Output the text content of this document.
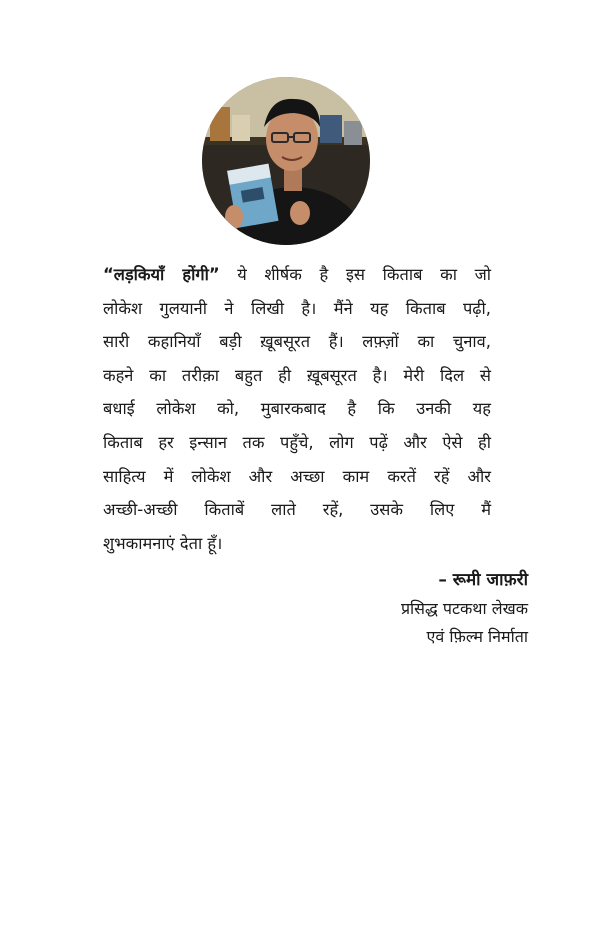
“लड़कियाँ होंगी” ये शीर्षक है इस किताब का जो
लोकेश गुलयानी ने लिखी है। मैंने यह किताब पढ़ी,
सारी कहानियाँ बड़ी ख़ूबसूरत हैं। लफ़्ज़ों का चुनाव,
कहने का तरीक़ा बहुत ही ख़ूबसूरत है। मेरी दिल से
बधाई लोकेश को, मुबारकबाद है कि उनकी यह
किताब हर इन्सान तक पहुँचे, लोग पढ़ें और ऐसे ही
साहित्य में लोकेश और अच्छा काम करतें रहें और
अच्छी-अच्छी किताबें लाते रहें, उसके लिए मैं
शुभकामनाएं देता हूँ।

– रूमी जाफ़री
प्रसिद्ध पटकथा लेखक
एवं फ़िल्म निर्माता
